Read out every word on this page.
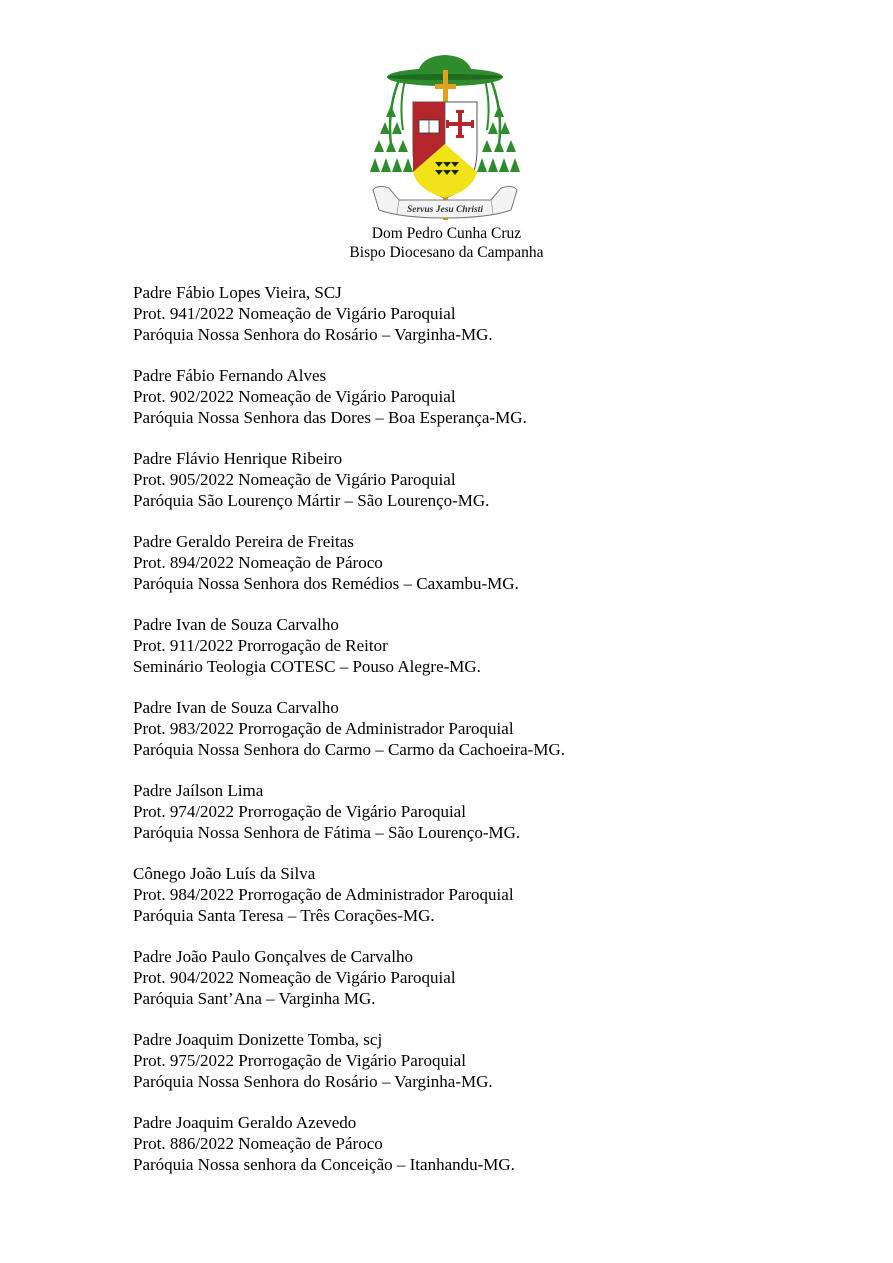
Servus Jesu Christi
Dom Pedro Cunha Cruz
Bispo Diocesano da Campanha
Padre Fábio Lopes Vieira, SCJ
Prot. 941/2022 Nomeação de Vigário Paroquial
Paróquia Nossa Senhora do Rosário – Varginha-MG.
Padre Fábio Fernando Alves
Prot. 902/2022 Nomeação de Vigário Paroquial
Paróquia Nossa Senhora das Dores – Boa Esperança-MG.
Padre Flávio Henrique Ribeiro
Prot. 905/2022 Nomeação de Vigário Paroquial
Paróquia São Lourenço Mártir – São Lourenço-MG.
Padre Geraldo Pereira de Freitas
Prot. 894/2022 Nomeação de Pároco
Paróquia Nossa Senhora dos Remédios – Caxambu-MG.
Padre Ivan de Souza Carvalho
Prot. 911/2022 Prorrogação de Reitor
Seminário Teologia COTESC – Pouso Alegre-MG.
Padre Ivan de Souza Carvalho
Prot. 983/2022 Prorrogação de Administrador Paroquial
Paróquia Nossa Senhora do Carmo – Carmo da Cachoeira-MG.
Padre Jaílson Lima
Prot. 974/2022 Prorrogação de Vigário Paroquial
Paróquia Nossa Senhora de Fátima – São Lourenço-MG.
Cônego João Luís da Silva
Prot. 984/2022 Prorrogação de Administrador Paroquial
Paróquia Santa Teresa – Três Corações-MG.
Padre João Paulo Gonçalves de Carvalho
Prot. 904/2022 Nomeação de Vigário Paroquial
Paróquia Sant’Ana – Varginha MG.
Padre Joaquim Donizette Tomba, scj
Prot. 975/2022 Prorrogação de Vigário Paroquial
Paróquia Nossa Senhora do Rosário – Varginha-MG.
Padre Joaquim Geraldo Azevedo
Prot. 886/2022 Nomeação de Pároco
Paróquia Nossa senhora da Conceição – Itanhandu-MG.
